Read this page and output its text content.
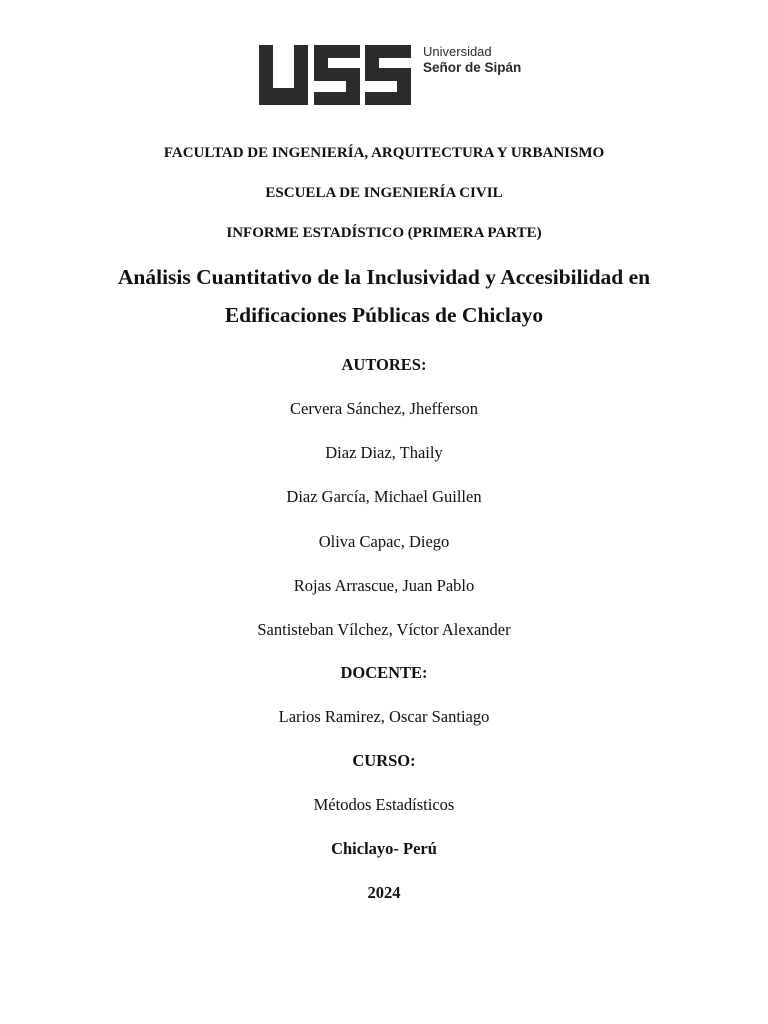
Universidad
Señor de Sipán
FACULTAD DE INGENIERÍA, ARQUITECTURA Y URBANISMO
ESCUELA DE INGENIERÍA CIVIL
INFORME ESTADÍSTICO (PRIMERA PARTE)
Análisis Cuantitativo de la Inclusividad y Accesibilidad en
Edificaciones Públicas de Chiclayo
AUTORES:
Cervera Sánchez, Jhefferson
Diaz Diaz, Thaily
Diaz García, Michael Guillen
Oliva Capac, Diego
Rojas Arrascue, Juan Pablo
Santisteban Vílchez, Víctor Alexander
DOCENTE:
Larios Ramirez, Oscar Santiago
CURSO:
Métodos Estadísticos
Chiclayo- Perú
2024
